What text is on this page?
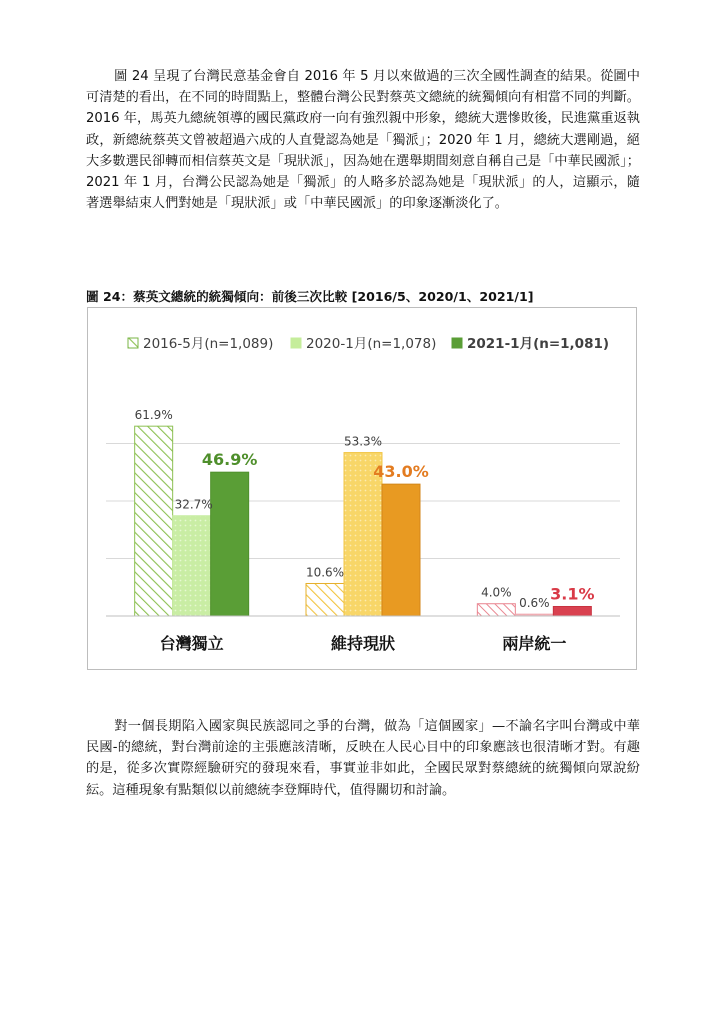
圖 24 呈現了台灣民意基金會自 2016 年 5 月以來做過的三次全國性調查的結果。從圖中可清楚的看出，在不同的時間點上，整體台灣公民對蔡英文總統的統獨傾向有相當不同的判斷。2016 年，馬英九總統領導的國民黨政府一向有強烈親中形象，總統大選慘敗後，民進黨重返執政，新總統蔡英文曾被超過六成的人直覺認為她是「獨派」；2020 年 1 月，總統大選剛過，絕大多數選民卻轉而相信蔡英文是「現狀派」，因為她在選舉期間刻意自稱自己是「中華民國派」；2021 年 1 月，台灣公民認為她是「獨派」的人略多於認為她是「現狀派」的人，這顯示，隨著選舉結束人們對她是「現狀派」或「中華民國派」的印象逐漸淡化了。

圖 24：蔡英文總統的統獨傾向：前後三次比較 [2016/5、2020/1、2021/1]
2016-5月(n=1,089) 2020-1月(n=1,078) 2021-1月(n=1,081)
61.9%
32.7%
46.9%
10.6%
53.3%
43.0%
4.0%
0.6% 3.1%
台灣獨立	維持現狀	兩岸統一

對一個長期陷入國家與民族認同之爭的台灣，做為「這個國家」—不論名字叫台灣或中華民國-的總統，對台灣前途的主張應該清晰，反映在人民心目中的印象應該也很清晰才對。有趣的是，從多次實際經驗研究的發現來看，事實並非如此，全國民眾對蔡總統的統獨傾向眾說紛紜。這種現象有點類似以前總統李登輝時代，值得關切和討論。
